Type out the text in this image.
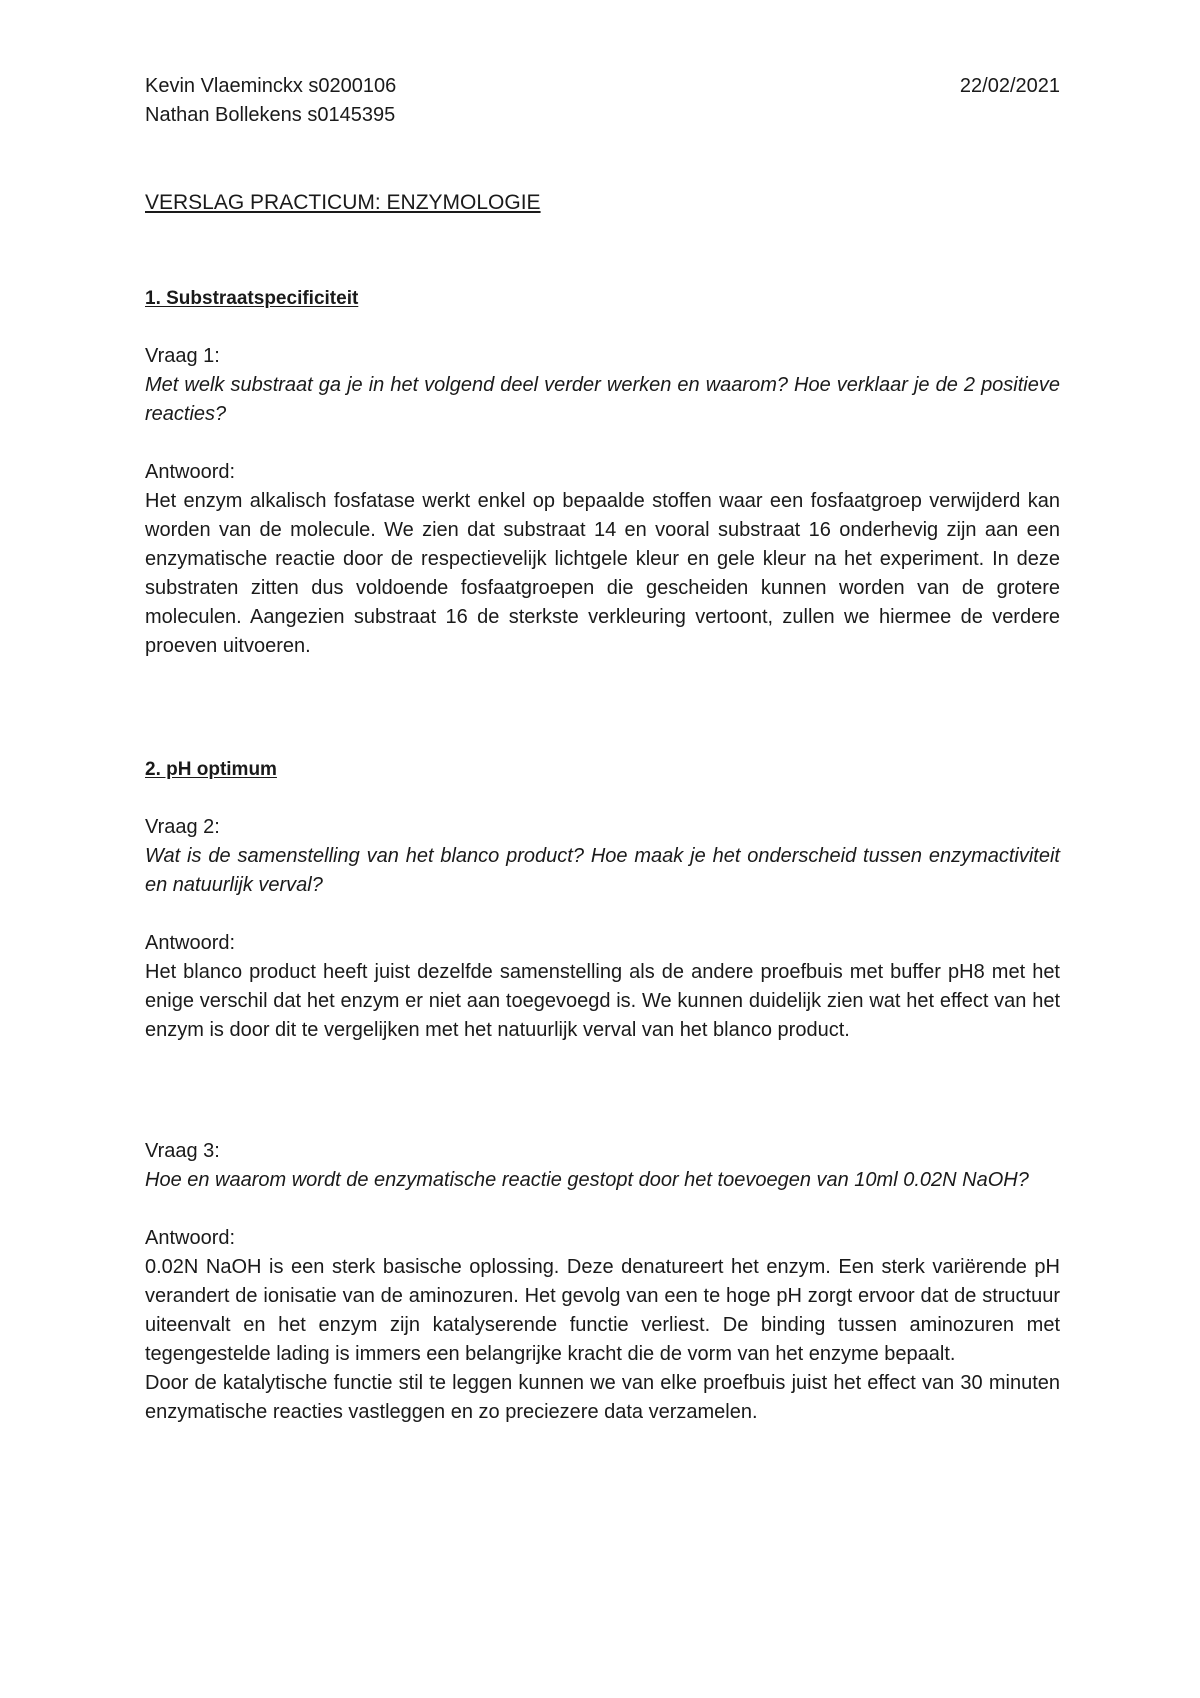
Kevin Vlaeminckx s0200106	22/02/2021
Nathan Bollekens s0145395
VERSLAG PRACTICUM: ENZYMOLOGIE

1. Substraatspecificiteit

Vraag 1:

Met welk substraat ga je in het volgend deel verder werken en waarom? Hoe verklaar je de 2 positieve reacties?

Antwoord:

Het enzym alkalisch fosfatase werkt enkel op bepaalde stoffen waar een fosfaatgroep verwijderd kan worden van de molecule. We zien dat substraat 14 en vooral substraat 16 onderhevig zijn aan een enzymatische reactie door de respectievelijk lichtgele kleur en gele kleur na het experiment. In deze substraten zitten dus voldoende fosfaatgroepen die gescheiden kunnen worden van de grotere moleculen. Aangezien substraat 16 de sterkste verkleuring vertoont, zullen we hiermee de verdere proeven uitvoeren.

2. pH optimum

Vraag 2:

Wat is de samenstelling van het blanco product? Hoe maak je het onderscheid tussen enzymactiviteit en natuurlijk verval?

Antwoord:

Het blanco product heeft juist dezelfde samenstelling als de andere proefbuis met buffer pH8 met het enige verschil dat het enzym er niet aan toegevoegd is. We kunnen duidelijk zien wat het effect van het enzym is door dit te vergelijken met het natuurlijk verval van het blanco product.

Vraag 3:

Hoe en waarom wordt de enzymatische reactie gestopt door het toevoegen van 10ml 0.02N NaOH?

Antwoord:

0.02N NaOH is een sterk basische oplossing. Deze denatureert het enzym. Een sterk variërende pH verandert de ionisatie van de aminozuren. Het gevolg van een te hoge pH zorgt ervoor dat de structuur uiteenvalt en het enzym zijn katalyserende functie verliest. De binding tussen aminozuren met tegengestelde lading is immers een belangrijke kracht die de vorm van het enzyme bepaalt.

Door de katalytische functie stil te leggen kunnen we van elke proefbuis juist het effect van 30 minuten enzymatische reacties vastleggen en zo preciezere data verzamelen.
